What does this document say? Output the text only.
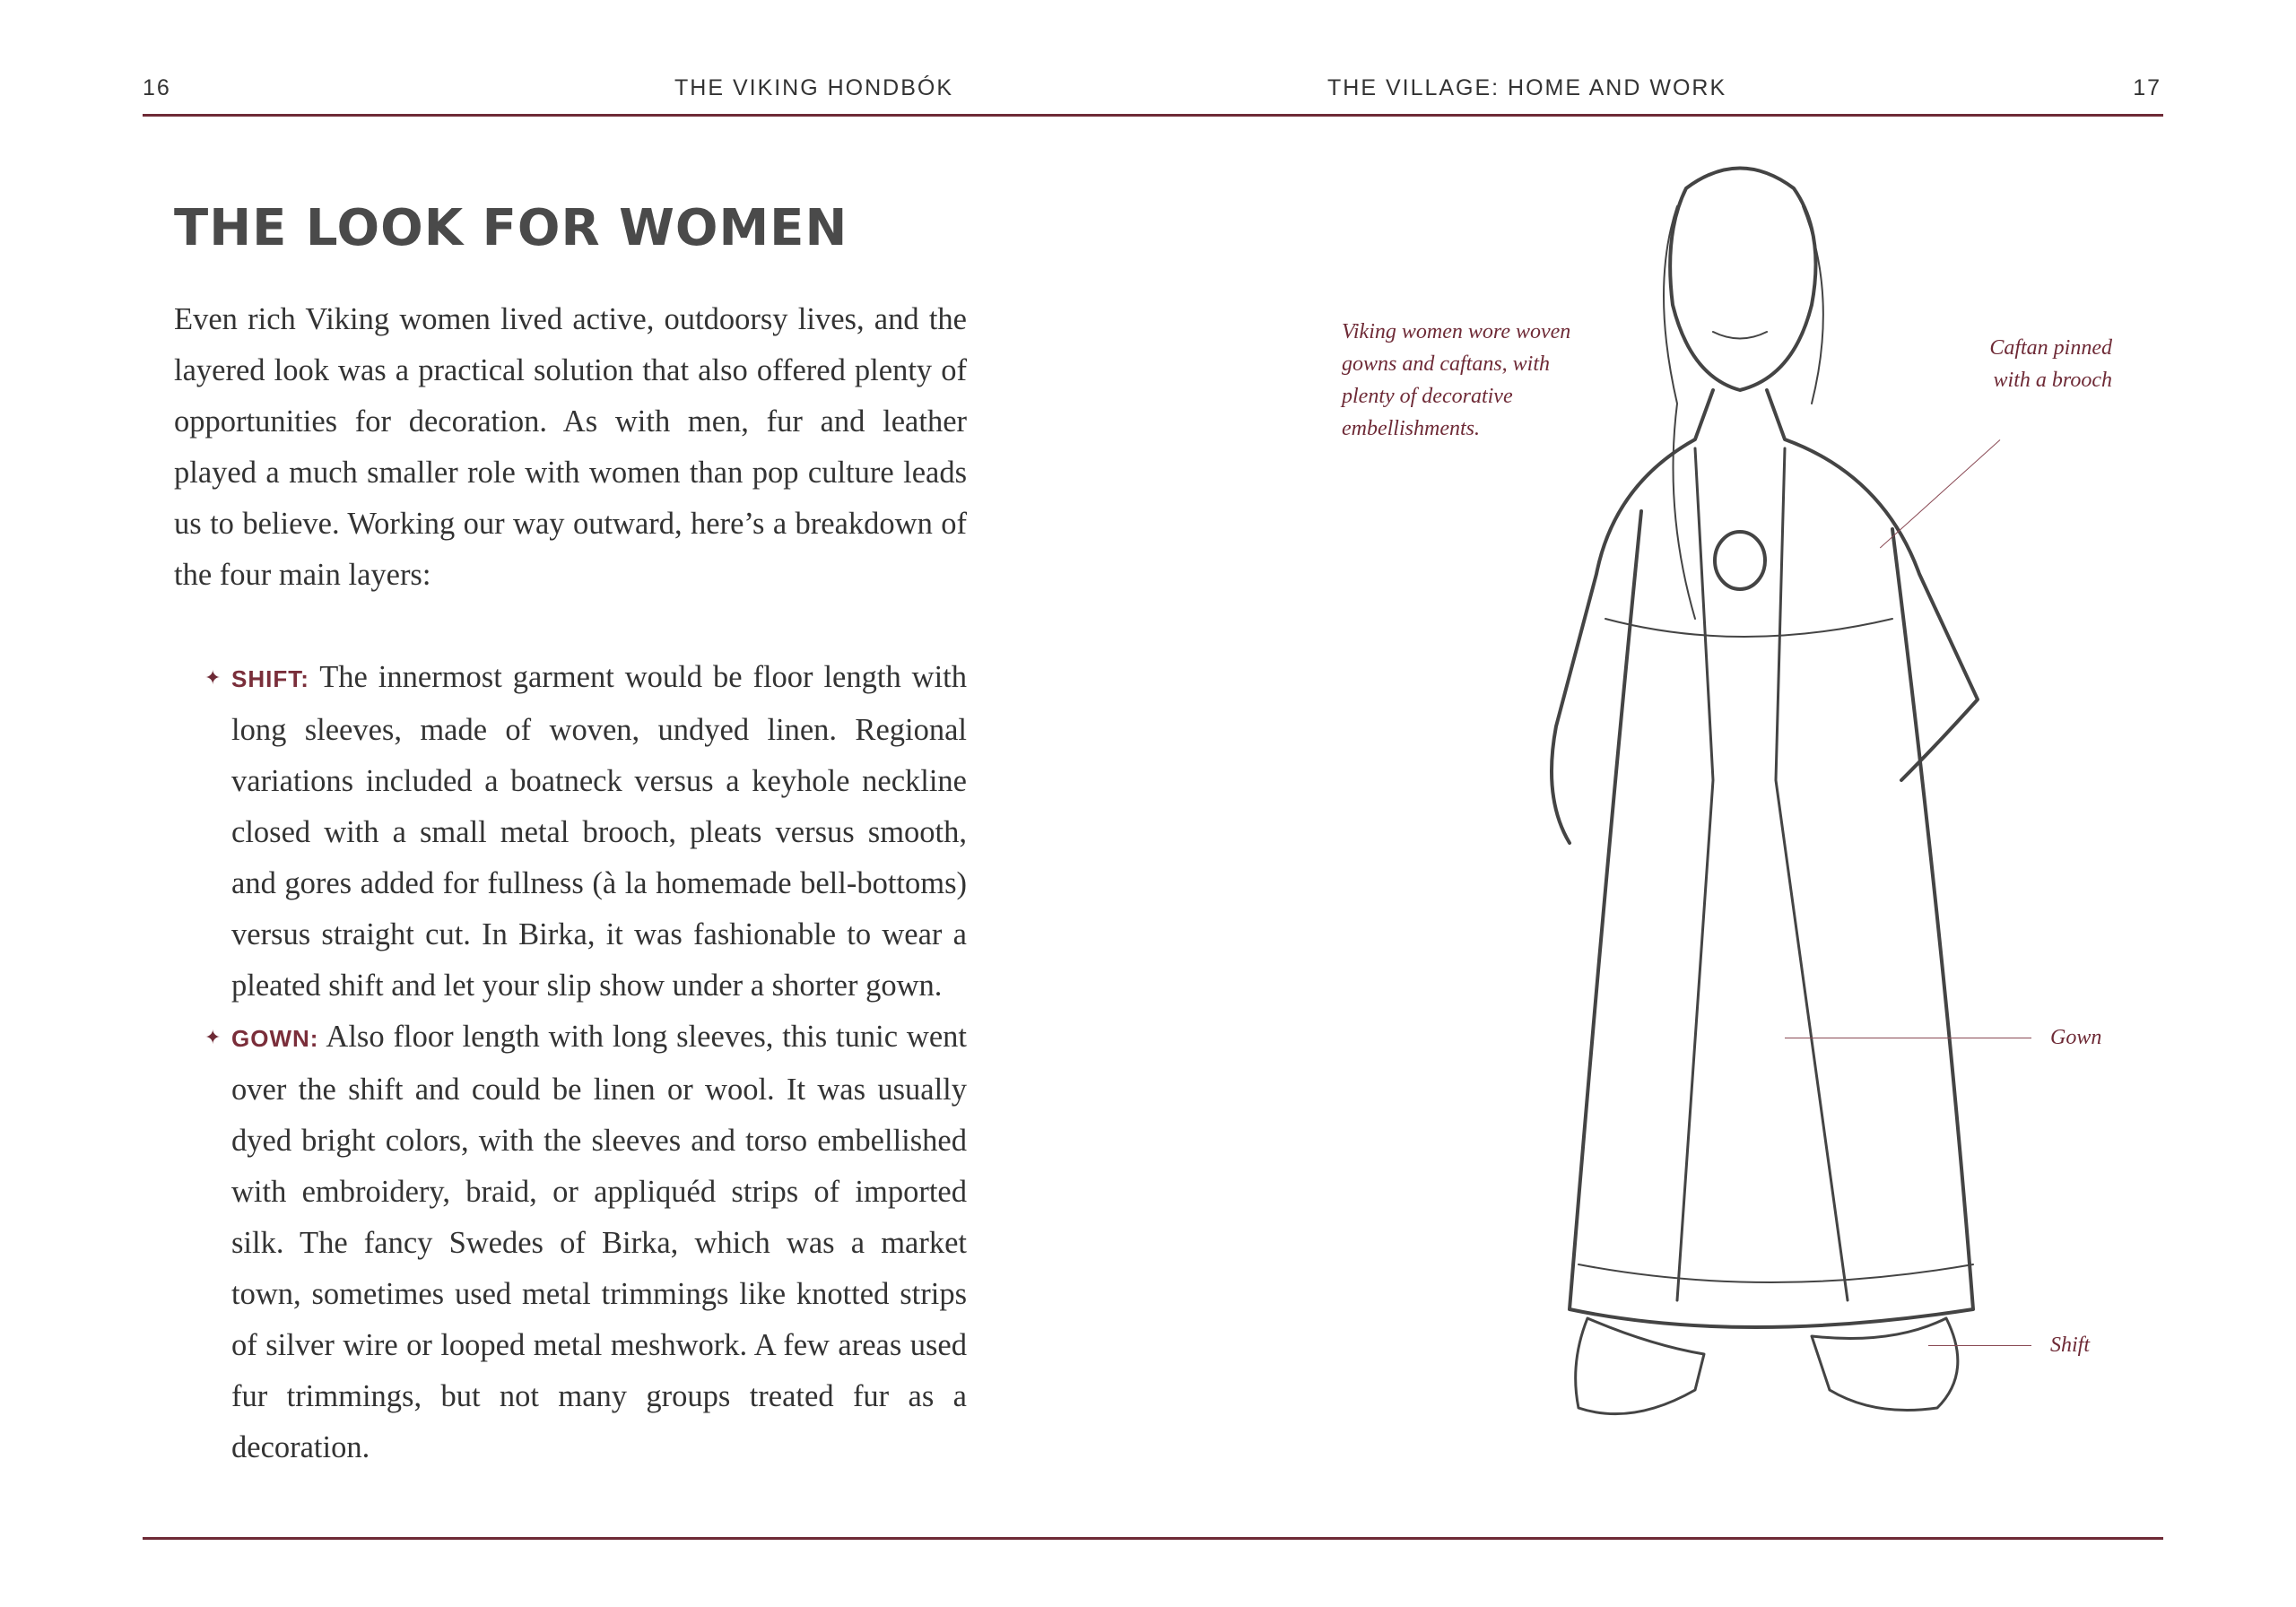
16	THE VIKING HONDBÓK	THE VILLAGE: HOME AND WORK	17
THE LOOK FOR WOMEN
Even rich Viking women lived active, outdoorsy lives, and the layered look was a practical solution that also offered plenty of opportunities for decoration. As with men, fur and leather played a much smaller role with women than pop culture leads us to believe. Working our way outward, here’s a breakdown of the four main layers:
✦ SHIFT: The innermost garment would be floor length with long sleeves, made of woven, undyed linen. Regional variations included a boatneck versus a keyhole neckline closed with a small metal brooch, pleats versus smooth, and gores added for fullness (à la homemade bell-bottoms) versus straight cut. In Birka, it was fashionable to wear a pleated shift and let your slip show under a shorter gown.
✦ GOWN: Also floor length with long sleeves, this tunic went over the shift and could be linen or wool. It was usually dyed bright colors, with the sleeves and torso embellished with embroidery, braid, or appliquéd strips of imported silk. The fancy Swedes of Birka, which was a market town, sometimes used metal trimmings like knotted strips of silver wire or looped metal meshwork. A few areas used fur trimmings, but not many groups treated fur as a decoration.
Viking women wore woven gowns and caftans, with plenty of decorative embellishments.
Caftan pinned with a brooch
Gown
Shift
